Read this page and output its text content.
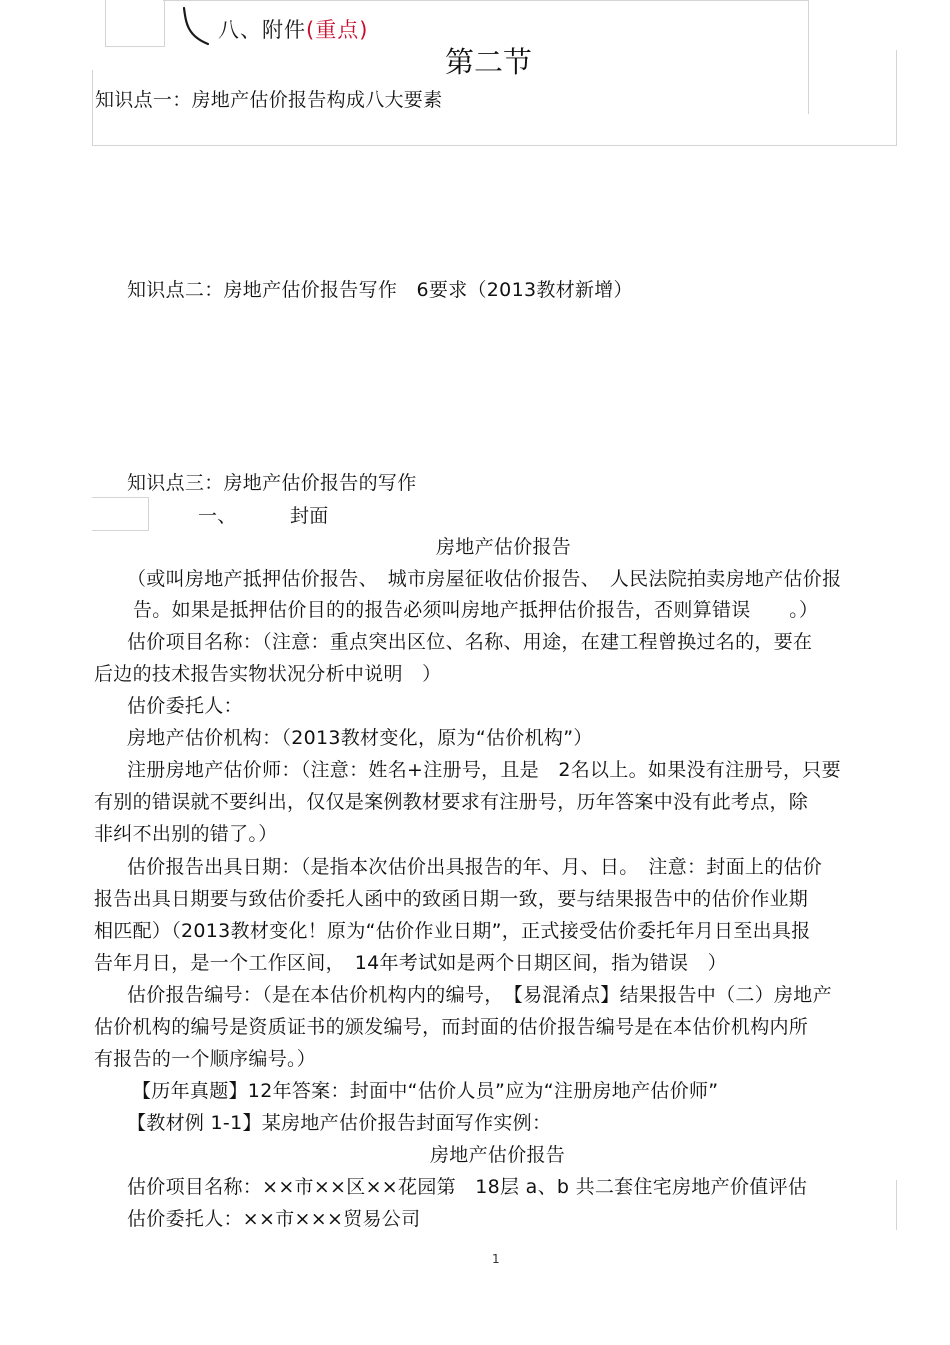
八、附件(重点)
第二节
知识点一：房地产估价报告构成八大要素
知识点二：房地产估价报告写作　6要求（2013教材新增）
知识点三：房地产估价报告的写作
一、	封面
房地产估价报告
（或叫房地产抵押估价报告、　城市房屋征收估价报告、　人民法院拍卖房地产估价报
告。如果是抵押估价目的的报告必须叫房地产抵押估价报告，否则算错误　　。）
估价项目名称：（注意：重点突出区位、名称、用途，在建工程曾换过名的，要在
后边的技术报告实物状况分析中说明　）
估价委托人：
房地产估价机构：（2013教材变化，原为“估价机构”）
注册房地产估价师：（注意：姓名+注册号，且是　2名以上。如果没有注册号，只要
有别的错误就不要纠出，仅仅是案例教材要求有注册号，历年答案中没有此考点，除
非纠不出别的错了。）
估价报告出具日期：（是指本次估价出具报告的年、月、日。　注意：封面上的估价
报告出具日期要与致估价委托人函中的致函日期一致，要与结果报告中的估价作业期
相匹配）（2013教材变化！原为“估价作业日期”，正式接受估价委托年月日至出具报
告年月日，是一个工作区间，　14年考试如是两个日期区间，指为错误　）
估价报告编号：（是在本估价机构内的编号，　【易混淆点】结果报告中（二）房地产
估价机构的编号是资质证书的颁发编号，而封面的估价报告编号是在本估价机构内所
有报告的一个顺序编号。）
【历年真题】12年答案：封面中“估价人员”应为“注册房地产估价师”
【教材例 1-1】某房地产估价报告封面写作实例：
房地产估价报告
估价项目名称：××市××区××花园第　18层 a、b 共二套住宅房地产价值评估
估价委托人：××市×××贸易公司
1
